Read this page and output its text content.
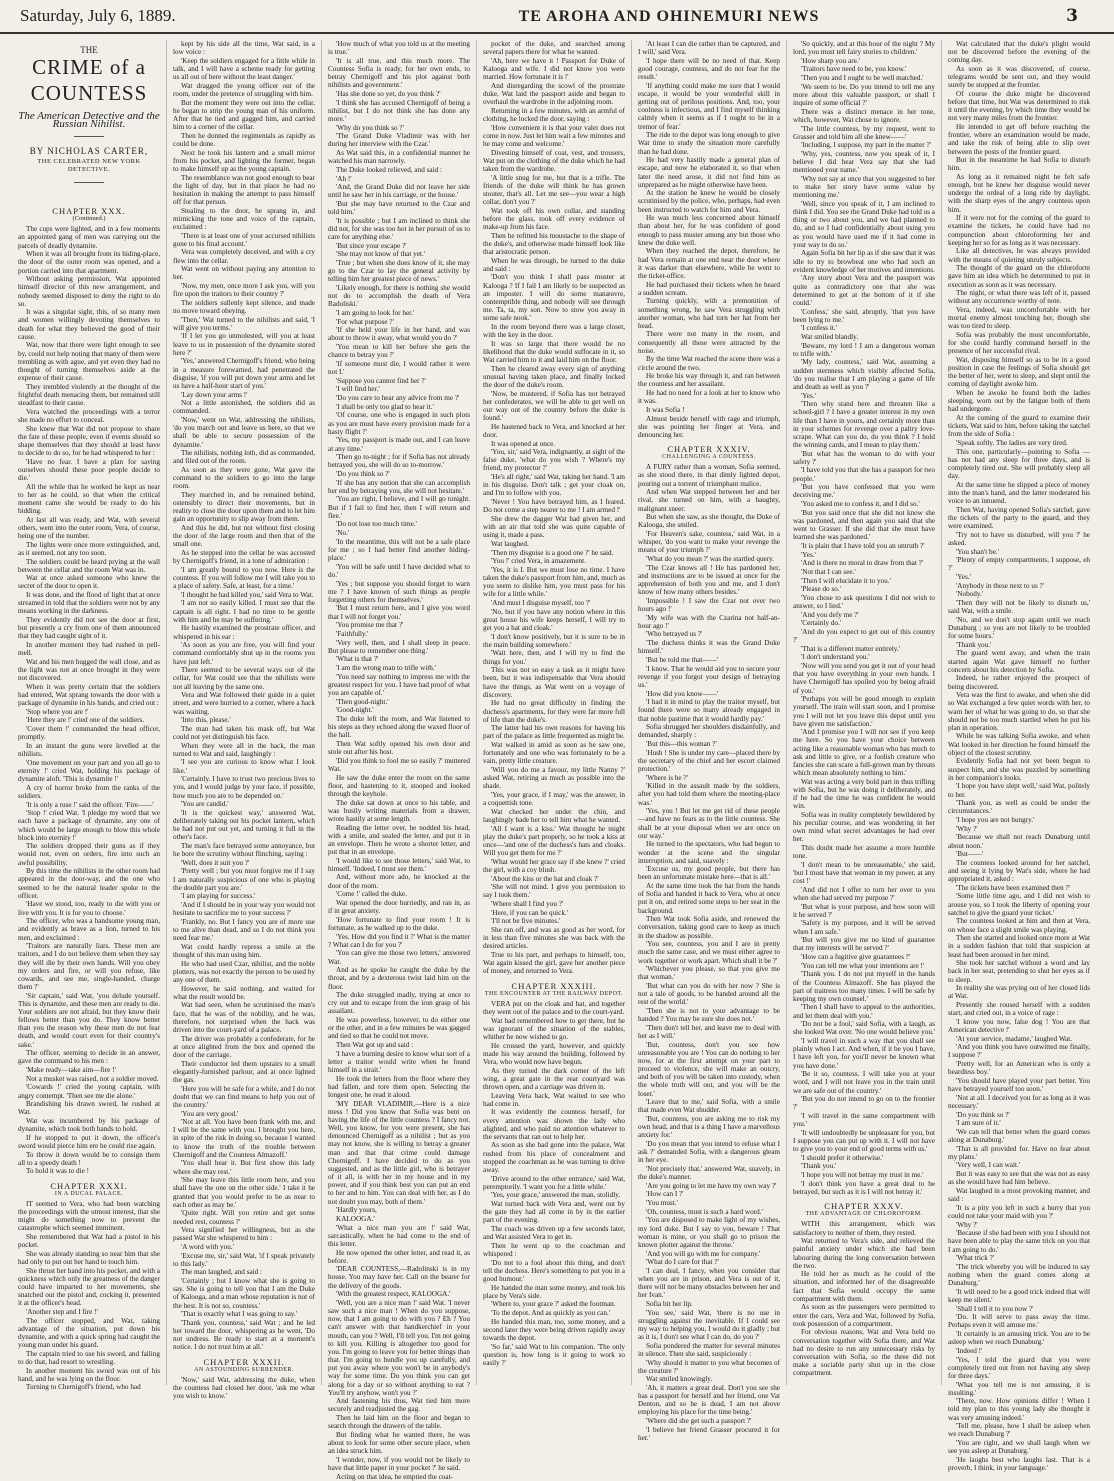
Saturday, July 6, 1889.	TE AROHA AND OHINEMURI NEWS	3
THE
CRIME of a COUNTESS
The American Detective and the Russian Nihilist.
BY NICHOLAS CARTER,
THE CELEBRATED NEW YORK DETECTIVE.
CHAPTER XXX.
(Continued.)

The cups were lighted, and in a few moments an appointed gang of men was carrying out the parcels of deadly dynamite.

When it was all brought from its hiding-place, the door of the outer room was opened, and a portion carried into that apartment.

Without asking permission, Wat appointed himself director of this new arrangement, and nobody seemed disposed to deny the right to do so.

It was a singular sight, this, of so many men and women willingly devoting themselves to death for what they believed the good of their cause.

Wat, now that there were light enough to see by, could not help noting that many of them were trembling as with ague, and yet even they had no thought of turning themselves aside at the expense of their cause.

They trembled violently at the thought of the frightful death menacing them, but remained still steadfast to their cause.

Vera watched the proceedings with a terror she made no effort to conceal.

She knew that Wat did not propose to share the fate of these people, even if events should so shape themselves that they should at least have to decide to do so, for he had whispered to her :

'Have no fear. I have a plan for saving ourselves should these poor people decide to die.'

All the while that he worked he kept as near to her as he could, so that when the critical moment came she would be ready to do his bidding.

At last all was ready, and Wat, with several others, went into the outer room, Vera, of course, being one of the number.

The lights were once more extinguished, and, as it seemed, not any too soon.

The soldiers could be heard prying at the wall between the cellar and the room Wat was in.

Wat at once asked someone who knew the secret of the door to open it.

It was done, and the flood of light that at once streamed in told that the soldiers were not by any means working in the darkness.

They evidently did not see the door at first, but presently a cry from one of them announced that they had caught sight of it.

In another moment they had rushed in pell-mell.

Wat and his men hugged the wall close, and as the light was not at once brought in they were not discovered.

When it was pretty certain that the soldiers had entered, Wat sprang towards the door with a package of dynamite in his hands, and cried out :

'Stop where you are !'

'Here they are !' cried one of the soldiers.

'Cover them !' commanded the head officer, promptly.

In an instant the guns were levelled at the nihilists.

'One movement on your part and you all go to eternity !' cried Wat, holding his package of dynamite aloft. 'This is dynamite !'

A cry of horror broke from the ranks of the soldiers.

'It is only a ruse !' said the officer. 'Fire——'

'Stop !' cried Wat. 'I pledge my word that we each have a package of dynamite, any one of which would be large enough to blow this whole block into eternity !'

The soldiers dropped their guns as if they would not, even on orders, fire into such an awful possibility.

By this time the nihilists in the other room had appeared in the door-way, and the one who seemed to be the natural leader spoke to the officer.

'Have we stood, too, ready to die with you or live with you. It is for you to choose.'

The officer, who was a handsome young man, and evidently as brave as a lion, turned to his men, and exclaimed :

'Traitors are naturally liars. These men are traitors, and I do not believe them when they say they will die by their own hands. Will you obey my orders and fire, or will you refuse, like cowards, and see me, single-handed, charge them ?'

'Sir captain,' said Wat, 'you delude yourself. This is dynamite, and these men are ready to die. Your soldiers are not afraid, but they know their fellows better than you do. They know better than you the reason why these men do not fear death, and would court even for their country's sake.'

The officer, seeming to decide in an answer, gave the command to his men :

'Make ready—take aim—fire !'

Not a musket was raised, not a soldier moved.

'Cowards !' cried the young captain, with angry contempt. 'Then see me die alone.'

Brandishing his drawn sword, he rushed at Wat.

Wat was incumbered by his package of dynamite, which took both hands to hold.

If he stopped to put it down, the officer's sword would pierce him ere he could rise again.

To throw it down would be to consign them all to a speedy death !

To hold it was to die !

CHAPTER XXXI.
IN A DUCAL PALACE.

IT seemed to Vera, who had been watching the proceedings with the utmost interest, that she might do something now to prevent the catastrophe which seemed imminent.

She remembered that Wat had a pistol in his pocket.

She was already standing so near him that she had only to put out her hand to touch him.

She thrust her hand into his pocket, and with a quickness which only the greatness of the danger could have imparted to her movements, she snatched out the pistol and, cocking it, presented it at the officer's head.

'Another step and I fire !'

The officer stopped, and Wat, taking advantage of the situation, put down his dynamite, and with a quick spring had caught the young man under his guard.

The captain tried to use his sword, and failing to do that, had resort to wrestling.

In another moment his sword was out of his hand, and he was lying on the floor.

Turning to Chernigoff's friend, who had

kept by his side all the time, Wat said, in a low voice :

'Keep the soldiers engaged for a little while in talk, and I will have a scheme ready for getting us all out of here without the least danger.'

Wat dragged the young officer out of the room, under the pretence of struggling with him.

But the moment they were out into the cellar, he began to strip the young man of his uniform. After that he tied and gagged him, and carried him to a corner of the cellar.

Then he donned the regimentals as rapidly as could be done.

Next he took his lantern and a small mirror from his pocket, and lighting the former, began to make himself up as the young captain.

The resemblance was not good enough to bear the light of day, but in that place he had no hesitation in making the attempt to pass himself off for that person.

Stealing to the door, he sprang in, and mimicking the tone and voice of the captain, exclaimed :

'There is at least one of your accursed nihilists gone to his final account.'

Vera was completely deceived, and with a cry flew into the cellar.

Wat went on without paying any attention to her.

'Now, my men, once more I ask you, will you fire upon the traitors to their country ?'

The soldiers sullenly kept silence, and made no move toward obeying.

'Then,' Wat turned to the nihilists and said, 'I will give you terms.'

'If I let you go unmolested, will you at least leave to us in possession of the dynamite stored here ?'

'Yes,' answered Chernigoff's friend, who being in a measure forewarned, had penetrated the disguise, 'if you will put down your arms and let us have a half-hour start of you.'

'Lay down your arms !'

Not a little astonished, the soldiers did as commanded.

'Now,' went on Wat, addressing the nihilists, 'do you march out and leave us here, so that we shall be able to secure possession of the dynamite.'

The nihilists, nothing loth, did as commanded, and filed out of the room.

As soon as they were gone, Wat gave the command to the soldiers to go into the large room.

They marched in, and he remained behind, ostensibly to direct their movements, but in reality to close the door upon them and to let him gain an opportunity to slip away from them.

And this he did, but not without first closing the door of the large room and then that of the small one.

As he stepped into the cellar he was accosted by Chernigoff's friend, in a tone of admiration :

'I am greatly bound to you now. Here is the countess. If you will follow me I will take you to a place of safety. Safe, at least, for a time.'

'I thought he had killed you,' said Vera to Wat.

'I am not so easily killed. I must see that the captain is all right. I had no time to be gentle with him and he may be suffering.'

He hastily examined the prostrate officer, and whispered in his ear :

'As soon as you are free, you will find your command comfortably shut up in the rooms you have just left.'

There seemed to be several ways out of the cellar, for Wat could see that the nihilists were not all leaving by the same one.

Vera and Wat followed their guide in a quiet street, and were hurried to a corner, where a hack was waiting.

'Into this, please.'

The man had taken his mask off, but Wat could not yet distinguish his face.

When they were all in the hack, the man turned to Wat and said, laughingly :

'I see you are curious to know what I look like.'

'Certainly. I have to trust two precious lives to you, and I would judge by your face, if possible, how much you are to be depended on.'

'You are candid.'

'It is the quickest way,' answered Wat, deliberately taking out his pocket lantern, which he had not put out yet, and turning it full in the other's face.

The man's face betrayed some annoyance, but he bore the scrutiny without flinching, saying :

'Well, does it suit you ?'

'Pretty well ; but you must forgive me if I say I am naturally suspicious of one who is playing the double part you are.'

'I am playing for success.'

'And if I should be in your way you would not hesitate to sacrifice me to your success ?'

'Frankly, no. But I fancy you are of more use to me alive than dead, and so I do not think you need fear me.'

Wat could hardly repress a smile at the thought of this man using him.

He who had used Czar, nihilist, and the noble plotters, was not exactly the person to be used by any one of them.

However, he said nothing, and waited for what the result would be.

Wat had seen, when he scrutinised the man's face, that he was of the nobility, and he was, therefore, not surprised when the hack was driven into the court-yard of a palace.

The driver was probably a confederate, for he at once alighted from the box and opened the door of the carriage.

Their conductor led them upstairs to a small elegantly-furnished parlour, and at once lighted the gas.

'Here you will be safe for a while, and I do not doubt that we can find means to help you out of the country.'

'You are very good.'

'Not at all. You have been frank with me, and I will be the same with you. I brought you here, in spite of the risk in doing so, because I wanted to know the truth of the trouble between Chernigoff and the Countess Almazoff.'

'You shall hear it. But first show this lady where she may rest.'

'She may leave this little room here, and you shall have the one on the other side.' I take it he granted that you would prefer to be as near to each other as may be.'

'Quite right. Will you retire and get some needed rest, countess ?'

Vera signified her willingness, but as she passed Wat she whispered to him :

'A word with you.'

'Excuse me, sir,' said Wat, 'if I speak privately to this lady.'

The man laughed, and said :

'Certainly ; but I know what she is going to say. She is going to tell you that I am the Duke of Kalooga, and a man whose reputation is not of the best. It is not so, countess.'

'That is exactly what I was going to say.'

'Thank you, countess,' said Wat ; and he led her toward the door, whispering as he went, 'Do not undress. Be ready to start at a moment's notice. I do not trust him at all.'

CHAPTER XXXII.
AN ASTOUNDING SURRENDER.

'Now,' said Wat, addressing the duke, when the countess had closed her door, 'ask me what you wish to know.'

'How much of what you told us at the meeting is true.'

'It is all true, and this much more. The Countess Sofia is ready, for her own ends, to betray Chernigoff and his plot against both nihilists and government.'

'Has she done so yet, do you think ?'

'I think she has accused Chernigoff of being a nihilist, but I do not think she has done any more.'

'Why do you think so ?'

'The Grand Duke Vladimir was with her during her interview with the Czar.'

As Wat said this, in a confidential manner he watched his man narrowly.

The Duke looked relieved, and said :

'Ah !'

'And, the Grand Duke did not leave her side until he saw her in his carriage, or the house.'

'But she may have returned to the Czar and told him.'

'It is possible ; but I am inclined to think she did not, for she was too hot in her pursuit of us to care for anything else.'

'But since your escape ?'

'She may not know of that yet.'

'True ; but when she does know of it, she may go to the Czar to lay the general activity by telling him her greatest piece of news.'

'Likely enough, for there is nothing she would not do to accomplish the death of Vera Radoliski.'

'I am going to look for her.'

'For what purpose ?'

'If she held your life in her hand, and was about to throw it away, what would you do ?'

'You mean to kill her before she gets the chance to betray you ?'

'If someone must die, I would rather it were not I.'

'Suppose you cannot find her ?'

'I will find her.'

'Do you care to hear any advice from me ?'

'I shall be only too glad to hear it.'

'Of course, one who is engaged in such plots as you are must have every provision made for a hasty flight ?'

'Yes, my passport is made out, and I can leave at any time.'

'Then go to-night ; for if Sofia has not already betrayed you, she will do so to-morrow.'

'Do you think so ?'

'If she has any notion that she can accomplish her end by betraying you, she will not hesitate.'

'You are right, I believe, and I will go tonight. But if I fail to find her, then I will return and flee.'

'Do not lose too much time.'

'No.'

'In the meantime, this will not be a safe place for me ; so I had better find another hiding-place.'

'You will be safe until I have decided what to do.'

'Yes ; but suppose you should forget to warn me ? I have known of such things as people forgetting others for themselves.'

'But I must return here, and I give you word that I will not forget you.'

'You promise me that ?'

'Faithfully.'

'Very well, then, and I shall sleep in peace. But please to remember one thing.'

'What is that ?'

'I am the wrong man to trifle with.'

'You need say nothing to impress me with the greatest respect for you. I have had proof of what you are capable of.'

'Then good-night.'

'Good-night.'

The duke left the room, and Wat listened to his steps as they echoed along the waxed floor of the hall.

Then Wat softly opened his own door and stole out after his host.

'Did you think to fool me so easily ?' muttered Wat.

He saw the duke enter the room on the same floor, and hastening to it, stooped and looked through the keyhole.

The duke sat down at once to his table, and was busily writing materials from a drawer, wrote hastily at some length.

Reading the letter over, he nodded his head, with a smile, and sealed the letter, and put it in an envelope. Then he wrote a shorter letter, and put that in an envelope.

'I would like to see those letters,' said Wat, to himself. 'Indeed, I must see them.'

And, without more ado, he knocked at the door of the room.

'Come !' called the duke.

Wat opened the door hurriedly, and ran in, as if in great anxiety.

'How fortunate to find your room ! It is fortunate, as he walked up to the duke.

'Yes. How did you find it ?' What is the matter ? What can I do for you ?'

'You can give me those two letters,' answered Wat.

And as he spoke he caught the duke by the throat, and by a dexterous twist laid him on the floor.

The duke struggled madly, trying at once to cry out and to escape from the iron grasp of his assailant.

He was powerless, however, to do either one or the other, and in a few minutes he was gagged and tied so that he could not move.

Then Wat got up and said :

'I have a burning desire to know what sort of a letter a traitor would write when he found himself in a strait.'

He took the letters from the floor where they had fallen, and tore them open. Selecting the longest one, he read it aloud.

'MY DEAR VLADIMIR,—Here is a nice mess ! Did you know that Sofia was bent on having the life of the little countess ? I fancy not. Well, you know, for you were present, she has denounced Chernigoff as a nihilist ; but as you may not know, she is willing to betray a greater man and that that crime could damage Chernigoff. I have decided to do as you suggested, and as the little girl, who is betrayer of it all, is with her in my house and in my power, and if you think best you can put an end to her and to him. You can deal with her, as I do not doubt you may, both of them.'

'Hardly yours,

KALOOGA.'

'What a nice man you are !' said Wat, sarcastically, when he had come to the end of this letter.

He now opened the other letter, and read it, as before.

'DEAR COUNTESS,—Radolinski is in my house. You may have her. Call on the bearer for the delivery of the goods.

'With the greatest respect, KALOOGA.'

'Well, you are a nice man !' said Wat. 'I never saw such a nice man ! When do you suppose, now, that I am going to do with you ? Eh ? You can't answer with that handkerchief in your mouth, can you ? Well, I'll tell you. I'm not going to kill you. Killing is altogether too good for you. I'm going to leave you for better things than that. I'm going to bundle you up carefully, and put you away where you won't be in anybody's way for some time. Do you think you can get along for a day or so without anything to eat ? You'll try anyhow, won't you ?'

And fastening his thus, Wat tied him more securely and readjusted the gag.

Then he laid him on the floor and began to search through the drawers of the table.

But finding what he wanted there, he was about to look for some other secure place, when an idea struck him.

'I wonder, now, if you would not be likely to have that little paper in your pocket ?' he said.

Acting on that idea, he emptied the coat-

pocket of the duke, and searched among several papers there for what he wanted.

'Ah, here we have it ! Passport for Duke of Kalooga and wife. I did not know you were married. How fortunate it is !'

And disregarding the scowl of the prostrate duke, Wat laid the passport aside and began to overhaul the wardrobe in the adjoining room.

Returning in a few minutes, with an armful of clothing, he locked the door, saying :

'How convenient it is that your valet does not come in now. Just let him wait a few minutes and he may come and welcome.'

Divesting himself of coat, vest, and trousers, Wat put on the clothing of the duke which he had taken from the wardrobe.

'A little snug for me, but that is a trifle. The friends of the duke will think he has grown stouter, that's all. Let me see—you wear a high collar, don't you ?'

Wat took off his own collar, and standing before the glass, took off every evidence of make-up from his face.

Then he refitted his moustache to the shape of the duke's, and otherwise made himself look like that aristocratic person.

When he was through, he turned to the duke and said :

'Don't you think I shall pass muster at Kalooga ? If I fail I am likely to be suspected as an imposter. I will do some manæuvre, contemptible thing, and nobody will see through me. Ta, ta, my son. Now to stow you away in some safe nook.'

In the room beyond there was a large closet, with the key in the door.

It was so large that there would be no likelihood that the duke would suffocate in it, so Wat carried him to it and laid him on the floor.

Then he cleared away every sign of anything unusual having taken place, and finally locked the door of the duke's room.

'Now, be mustered, if Sofia has not betrayed her confederates, we will be able to get well on our way out of the country before the duke is found.'

He hastened back to Vera, and knocked at her door.

It was opened at once.

'You, sir,' said Vera, indignantly, at sight of the false duke, 'what do you wish ? Where's my friend, my protector ?'

'He's all right,' said Wat, taking her hand. 'I am in his disguise. Don't talk ; get your cloak on, and I'm to follow with you.

'Never ! You have betrayed him, as I feared. Do not come a step nearer to me ! I am armed !'

She drew the dagger Wat had given her, and with an air that told she was quite capable of using it, made a pass.

Wat laughed.

'Then my disguise is a good one ?' he said.

'You !' cried Vera, in amazement.

'Yes, it is I. But we must lose no time. I have taken the duke's passport from him, and, much as you seem to dislike him, you must pass for his wife for a little while.'

'And must I disguise myself, too ?'

'No, but if you have any notion where in this great house his wife keeps herself, I will try to get you a hat and cloak.'

'I don't know positively, but it is sure to be in the main building somewhere.'

'Wait here, then, and I will try to find the things for you.'

This was not so easy a task as it might have been, but it was indispensable that Vera should have the things, as Wat went on a voyage of discovery.

He had no great difficulty in finding the duchess's apartments, for they were far more full of life than the duke's.

The latter had his own reasons for having his part of the palace as little frequented as might be.

Wat walked in amid as soon as he saw one, fortunately and one who was fortunately to be a vain, pretty little creature.

'Will you do me a favour, my little Nanny ?' asked Wat, retiring as much as possible into the shade.

'Yes, your grace, if I may,' was the answer, in a coquettish tone.

Wat checked her under the chin, and laughingly bade her to tell him what he wanted.

'All I want is a kiss.' Wat thought he might play the duke's part properly, so he took a kiss at once—'and one of the duchess's hats and cloaks. Will you get them for me ?'

'What would her grace say if she knew ?' cried the girl, with a coy blush.

'About the kiss or the hat and cloak ?'

'She will not mind. I give you permission to say I took them.'

'Where shall I find you ?'

'Here, if you can be quick.'

'I'll not be five minutes.'

She ran off, and was as good as her word, for in less than five minutes she was back with the desired articles.

True to his part, and perhaps to himself, too, Wat again kissed the girl, gave her another piece of money, and returned to Vera.

CHAPTER XXXIII.
THE ENCOUNTER AT THE RAILWAY DEPOT.

VERA put on the cloak and hat, and together they went out of the palace and to the court-yard.

Wat had remembered how to get there, but he was ignorant of the situation of the stables, whither he now wished to go.

He crossed the yard, however, and quickly made his way around the building, followed by Vera, who would now have begun.

As they turned the dark corner of the left wing, a great gate in the rear courtyard was thrown open, and a carriage was driven in.

Leaving Vera back, Wat waited to see who had come in.

It was evidently the countess herself, for every attention was shown the lady who alighted, and who paid no attention whatever to the servants that ran out to help her.

As soon as she had gone into the palace, Wat rushed from his place of concealment and stopped the coachman as he was turning to drive away.

'Drive around to the other entrance,' said Wat, peremptorily. 'I want you for a little while.'

'Yes, your grace,' answered the man, stolidly.

Wat turned back with Vera and, went out by the gate they had all come in by in the earlier part of the evening.

The coach was driven up a few seconds later, and Wat assisted Vera to get in.

Then he went up to the coachman and whispered :

'Do not to a fool about this thing, and don't tell the duchess. Here's something to put you in a good humour.'

He handed the man some money, and took his place by Vera's side.

'Where to, your grace ?' asked the footman.

'To the depot. And as quickly as you can.'

He handed this man, too, some money, and a second later they were being driven rapidly away towards the depot.

'So far,' said Wat to his companion. 'The only question is, how long is it going to work so easily ?'

'At least I can die rather than be captured, and I will,' said Vera.

'I hope there will be no need of that. Keep good courage, countess, and do not fear for the result.'

'If anything could make me sure that I would escape, it would be your wonderful skill in getting out of perilous positions. And, too, your coolness is infectious, and I find myself thinking calmly when it seems as if I ought to be in a tremor of fear.'

The ride to the depot was long enough to give Wat time to study the situation more carefully than he had done.

He had very hastily made a general plan of escape, and now he elaborated it, so that when later the need arose, it did not find him as unprepared as he might otherwise have been.

At the station he knew he would be closely scrutinised by the police, who, perhaps, had even been instructed to watch for him and Vera.

He was much less concerned about himself than about her, for he was confident of good enough to pass muster among any but those who knew the duke well.

When they reached the depot, therefore, he had Vera remain at one end near the door where it was darker than elsewhere, while he went to the ticket-office.

He had purchased their tickets when he heard a sudden scream.

Turning quickly, with a premonition of something wrong, he saw Vera struggling with another woman, who had torn her hat from her head.

There were not many in the room, and consequently all these were attracted by the noise.

By the time Wat reached the scene there was a circle around the two.

He broke his way through it, and ran between the countess and her assailant.

He had no need for a look at her to know who it was.

It was Sofia !

Almost beside herself with rage and triumph, she was pointing her finger at Vera, and denouncing her.

CHAPTER XXXIV.
CHALLENGING A COUNTESS.

A FURY rather than a woman, Sofia seemed, as she stood there, in that dimly lighted depot, pouring out a torrent of triumphant malice.

And when Wat stepped between her and her rival, she turned on him, with a haughty, malignant sneer.

But when she saw, as she thought, the Duke of Kalooga, she smiled.

'For Heaven's sake, countess,' said Wat, in a whisper, 'do you want to make your revenge the means of your triumph ?'

'What do you mean ?' was the startled query.

'The Czar knows all ! He has pardoned her, and instructions are to be issued at once for the apprehension of both you and me, and I don't know of how many others besides.'

'Impossible ! I saw the Czar not over two hours ago !'

'My wife was with the Czarina not half-an-hour ago !'

'Who betrayed us ?'

'The duchess thinks it was the Grand Duke himself.'

'But he told me that——'

'I know. That he would aid you to secure your revenge if you forgot your design of betraying us.'

'How did you know——'

'I had it in mind to play the traitor myself, but found there were so many already engaged in that noble pastime that it would hardly pay.'

Sofia shrugged her shoulders disdainfully, and demanded, sharply :

'But this—this woman ?'

'Hush ! She is under my care—placed there by the secretary of the chief and her escort claimed protection.'

'Where is he ?'

'Killed in the assault made by the soldiers, after you had told them where the meeting-place was.'

'Yes, you ! But let me get rid of these people—and have no fears as to the little countess. She shall be at your disposal when we are once on our way.'

He turned to the spectators, who had begun to wonder at the scene and the singular interruption, and said, suavely :

'Excuse us, my good people, but there has been an unfortunate mistake here—that is all.'

At the same time took the hat from the hands of Sofia and handed it back to Vera, who at once put it on, and retired some steps to her seat in the background.

Then Wat took Sofia aside, and renewed the conversation, taking good care to keep as much in the shadow as possible.

'You see, countess, you and I are in pretty much the same case, and we must either agree to work together or work apart. Which shall it be ?'

'Whichever you please, so that you give me that woman.'

'But what can you do with her now ? She is not a tale of goods, to be handed around all the rest of the world.'

'Then she is not to your advantage to be handed ? You may be sure she does not.'

'Then don't tell her, and leave me to deal with her as I will.'

'But, countess, don't you see how unreasonable you are ! You can do nothing to her now, for at the first attempt on your part to proceed to violence, she will make an outcry, and both of you will be taken into custody, when the whole truth will out, and you will be the loser.'

'Leave that to me,' said Sofia, with a smile that made even Wat shudder.

'But, countess, you are asking me to risk my own head, and that is a thing I have a marvellous anxiety for.'

'Do you mean that you intend to refuse what I ask ?' demanded Sofia, with a dangerous gleam in her eye.

'Not precisely that,' answered Wat, suavely, in the duke's manner.

'Are you going to let me have my own way ?'

'How can I ?'

'You must.'

'Oh, countess, must is such a hard word.'

'You are disposed to make light of my wishes, my lord duke. But I say to you, beware ! That woman is mine, or you shall go to prison the known plotter against the throne.'

'And you will go with me for company.'

'What do I care for that ?'

'I can deal, I fancy, when you consider that when you are in prison, and Vera is out of it, there will not be many obstacles between her and her Ivan.'

Sofia bit her lip.

'You see,' said Wat, 'there is no use in struggling against the inevitable. If I could see my way to helping you, I would do it gladly ; but as it is, I don't see what I can do, do you ?'

Sofia pondered the matter for several minutes in silence. Then she said, suspiciously :

'Why should it matter to you what becomes of the creature ?'

Wat smiled knowingly.

'Ah, it matters a great deal. Don't you see she has a passport for herself and her friend, one Vat Denton, and so he is dead, I am not above employing his place for the time being.'

'Where did she get such a passport ?'

'I believe her friend Grasser procured it for her.'

'So quickly, and at this hour of the night ? My lord, you must tell fairy stories to children.'

'How sharp you are.'

'Traitors have need to be, you know.'

'Then you and I ought to be well matched.'

'We seem to be. Do you intend to tell me any more about this valuable passport, or shall I inquire of some official ?'

There was a distinct menace in her tone, which, however, Wat chose to ignore.

'The little countess, by my request, went to Grasser and told him all she knew——'

'Including, I suppose, my part in the matter ?'

'Why, yes, countess, now you speak of it, I believe I did hear Vera say that she had mentioned your name.'

'Why not say at once that you suggested to her to make her story have some value by mentioning me.'

'Well, since you speak of it, I am inclined to think I did. You see the Grand Duke had told us a thing or two about you, and we had planned to do, and so I had confidentially about using you as you would have used me if it had come in your way to do so.'

Again Sofia bit her lip as if she saw that it was idle to try to browbeat one who had such an evident knowledge of her motives and intentions.

'Any story about Vera and the passport was quite as contradictory one that she was determined to get at the bottom of it if she could.'

'Confess,' she said, abruptly, 'that you have been lying to me.'

'I confess it.'

Wat smiled blandly.

'Beware, my lord ! I am a dangerous woman to trifle with.'

'My lady, countess,' said Wat, assuming a sudden sternness which visibly affected Sofia, 'do you realise that I am playing a game of life and death as well as you ?'

'Yes.'

'Then why stand here and threaten like a school-girl ? I have a greater interest in my own life than I have in yours, and certainly more than in your schemes for revenge over a paltry love-scrape. What can you do, do you think ? I hold the winning cards, and I mean to play them.'

'But what has the woman to do with your safety ?'

'I have told you that she has a passport for two people.'

'But you have confessed that you were deceiving me.'

'You asked me to confess it, and I did so.'

'But you said once that she did not know she was pardoned, and then again you said that she went to Grasser. If she did that she must have learned she was pardoned.'

'It is plain that I have told you an untruth ?'

'Yes.'

'And is there no moral to draw from that ?'

'Not that I can see.'

'Then I will elucidate it to you.'

'Please do so.'

'You chose to ask questions I did not wish to answer, so I lied.'

'And you defy me ?'

'Certainly do.'

'And do you expect to get out of this country ?'

'That is a different matter entirely.'

'I don't understand you.'

'Now will you send you get it out of your head that you have everything in your own hands. I have Chernigoff has spoiled you by being afraid of you.'

'Perhaps you will be good enough to explain yourself. The train will start soon, and I promise you I will not let you leave this depot until you have given me satisfaction.'

'And I promise you I will not see if you keep me here. So you have your choice between acting like a reasonable woman who has much to ask and little to give, or a foolish creature who fancies she can scare a full-grown man by threats which mean absolutely nothing to him.'

Wat was acting a very bold part in thus trifling with Sofia, but he was doing it deliberately, and if he had the time he was confident he would win.

Sofia was in reality completely bewildered by his peculiar course, and was wondering in her own mind what secret advantages he had over her.

This doubt made her assume a more humble tone.

'I don't mean to be unreasonable,' she said, 'but I must have that woman in my power, at any cost !'

'And did not I offer to turn her over to you when she had served my purpose ?'

'But what is your purpose, and how soon will it be served ?'

'Safety is my purpose, and it will be served when I am safe.'

'But will you give me no kind of guarantee that my interests will be served ?'

'How can a fugitive give guarantees ?'

'You can tell me what your intentions are !'

'Thank you. I do not put myself in the hands of the Countess Almazoff. She has played the part of traitress too many times. I will be safe by keeping my own counsel.'

'Then I shall have to appeal to the authorities, and let them deal with you.'

'Do not be a fool,' said Sofia, with a laugh, as she looked Wat over. 'No one would believe you.'

'I will travel in such a way that you shall see plainly when I act. And when, if it be you I have, I have left you, for you'll never be known what you have done.'

'Be it so, countess. I will take you at your word, and I will not leave you in the train until we are safe out of the country.'

'But you do not intend to go on to the frontier ?'

'I will travel in the same compartment with you.'

'It will undoubtedly be unpleasant for you, but I suppose you can put up with it. I will not have to give you to your end of good terms with us.'

'I should prefer it otherwise.'

'Thank you.'

'I hope you will not betray my trust in me.'

'I don't think you have a great deal to be betrayed, but such as it is I will not betray it.'

CHAPTER XXXV.
THE ADVANTAGE OF CHLOROFORM.

WITH this arrangement, which was satisfactory to neither of them, they rested.

Wat returned to Vera's side, and relieved the painful anxiety under which she had been labouring during the long conversation between the two.

He told her as much as he could of the situation, and informed her of the disagreeable fact that Sofia would occupy the same compartment with them.

As soon as the passengers were permitted to enter the cars, Vera and Wat, followed by Sofia, took possession of a compartment.

For obvious reasons, Wat and Vera held no conversation together with Sofia there, and Wat had no desire to run any unnecessary risks by conversation with Sofia, so the three did not make a sociable party shut up in the close compartment.

Wat calculated that the duke's plight would not be discovered before the evening of the coming day.

As soon as it was discovered, of course, telegrams would be sent out, and they would surely be stopped at the frontier.

Of course the duke might be discovered before that time, but Wat was determined to risk it until the evening, by which time they would be not very many miles from the frontier.

He intended to get off before reaching the frontier, where an examination would be made, and take the risk of being able to slip over between the posts of the frontier guard.

But in the meantime he had Sofia to disturb him.

As long as it remained night he felt safe enough, but he knew her disguise would never undergo the ordeal of a long ride by daylight, with the sharp eyes of the angry countess upon him.

If it were not for the coming of the guard to examine the tickets, he could have had no compunction about chloroforming her and keeping her so for as long as it was necessary.

Like all detectives, he was always provided with the means of quieting unruly subjects.

The thought of the guard on the chloroform gave him an idea which he determined to put in execution as soon as it was necessary.

The night, or what there was left of it, passed without any occurrence worthy of note.

Vera, indeed, was uncomfortable with her mortal enemy almost touching her, though she was too tired to sleep.

Sofia was probably the most uncomfortable, for she could hardly command herself in the presence of her successful rival.

Wat, disposing himself so as to be in a good position in case the feelings of Sofia should get the better of her, went to sleep, and slept until the coming of daylight awoke him.

When he awoke he found both the ladies sleeping, worn out by the fatigue both of them had undergone.

At the coming of the guard to examine their tickets, Wat said to him, before taking the satchel from the side of Sofia :

'Speak softly. The ladies are very tired.

This one, particularly—pointing to Sofia —has not had any sleep for three days, and is completely tired out. She will probably sleep all day.

At the same time he slipped a piece of money into the man's hand, and the latter moderated his voice to an innuend.

Then Wat, having opened Sofia's satchel, gave the tickets of the party to the guard, and they were examined.

'Try not to have us disturbed, will you ?' he asked.

'You shan't be.'

'Plenty of empty compartments, I suppose, eh ?'

'Yes.'

'Anybody in these next to us ?'

'Nobody.'

'Then they will not be likely to disturb us,' said Wat, with a smile.

'No, and we don't stop again until we reach Dunaburg ; so you are not likely to be troubled for some hours.'

'Thank you.'

The guard went away, and when the train started again Wat gave himself no further concern about his detection by Sofia.

Indeed, he rather enjoyed the prospect of being discovered.

Vera was the first to awake, and when she did so Wat exchanged a few quiet words with her, to warn her of what he was going to do, so that she should not be too much startled when he put his plan in operation.

While he was talking Sofia awoke, and when Wat looked in her direction he found himself the object of the closest scrutiny.

Evidently Sofia had not yet been begun to suspect him, and she was puzzled by something in her companion's looks.

'I hope you have slept well,' said Wat, politely to her.

'Thank you, as well as could be under the circumstances.'

'I hope you are not hungry.'

'Why ?'

'Because we shall not reach Dunaburg until about noon.'

'But——'

The countess looked around for her satchel, and seeing it lying by Wat's side, where he had appropriated it, asked :

'The tickets have been examined then ?'

'Some little time ago, and I did not wish to arouse you, so I took the liberty of opening your satchel to give the guard your ticket.'

The countess looked at him and then at Vera, on whose face a slight smile was playing.

Then she started and looked once more at Wat in a sudden fashion that told that suspicion at least had been aroused in her mind.

She took her satchel without a word and lay back in her seat, pretending to shut her eyes as if to sleep.

In reality she was prying out of her closed lids at Wat.

Presently she roused herself with a sudden start, and cried out, in a voice of rage :

'I know you now, false dog ! You are that American detective !'

'At your service, madame,' laughed Wat.

'And you think you have outwitted me finally, I suppose ?'

'Pretty well, for an American who is only a beardless boy.'

'You should have played your part better. You have betrayed yourself too soon.'

'Not at all. I deceived you for as long as it was necessary.'

'Do you think so ?'

'I am sure of it.'

'We can tell that better when the guard comes along at Dunaburg.'

'That is all provided for. Have no fear about my plans.'

'Very well, I can wait.'

But it was easy to see that she was not as easy as she would have had him believe.

Wat laughed in a most provoking manner, and said :

'It is a pity you left in such a hurry that you could not take your maid with you ?'

'Why ?'

'Because if she had been with you I should not have been able to play the same trick on you that I am going to do.'

'What trick ?'

'The trick whereby you will be induced to say nothing when the guard comes along at Dunaburg.'

'It will need to be a good trick indeed that will keep me silent.'

'Shall I tell it to you now ?'

'Do. It will serve to pass away the time. Perhaps even it will amuse me.'

'It certainly is an amusing trick. You are to be asleep when we reach Dunaburg.'

'Indeed !'

'Yes, I told the guard that you were completely tired out from not having any sleep for three days.'

'What you tell me is not amusing, it is insulting.'

'There, now. How opinions differ ! When I told my plan to this young lady she thought it was very amusing indeed.'

'Tell me, please, how I shall be asleep when we reach Dunaburg ?'

'You are right, and we shall laugh when we see you asleep at Dunaburg.'

'He laughs best who laughs last. That is a proverb, I think, in your language.'
